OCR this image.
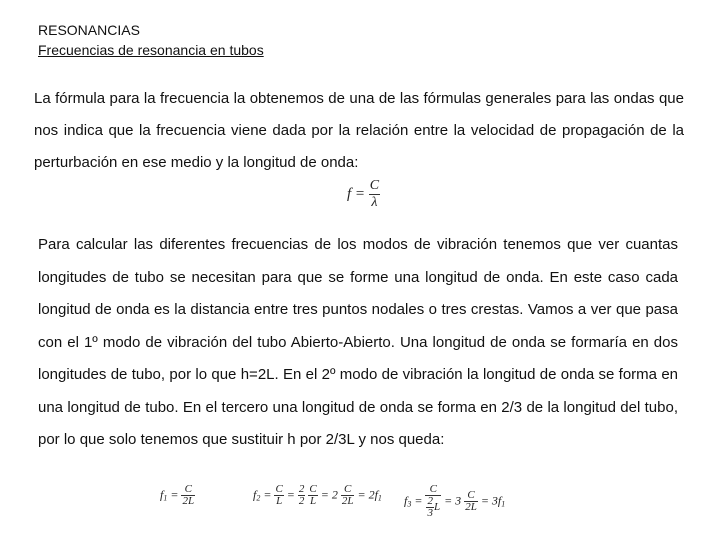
RESONANCIAS
Frecuencias de resonancia en tubos
La fórmula para la frecuencia la obtenemos de una de las fórmulas generales para las ondas que nos indica que la frecuencia viene dada por la relación entre la velocidad de propagación de la perturbación en ese medio y la longitud de onda:
$f = \frac{C}{\lambda}$
Para calcular las diferentes frecuencias de los modos de vibración tenemos que ver cuantas longitudes de tubo se necesitan para que se forme una longitud de onda. En este caso cada longitud de onda es la distancia entre tres puntos nodales o tres crestas. Vamos a ver que pasa con el 1º modo de vibración del tubo Abierto-Abierto. Una longitud de onda se formaría en dos longitudes de tubo, por lo que h=2L. En el 2º modo de vibración la longitud de onda se forma en una longitud de tubo. En el tercero una longitud de onda se forma en 2/3 de la longitud del tubo, por lo que solo tenemos que sustituir h por 2/3L y nos queda:
$f_1 = \frac{C}{2L}$	$f_2 = \frac{C}{L} = \frac{2}{2}$
$\frac{C}{L} = 2 \frac{C}{2L} = 2f_1$ $f_3 = \frac{C}{\frac{2}{3} L} = 3 \frac{C}{2L} = 3f_1$
